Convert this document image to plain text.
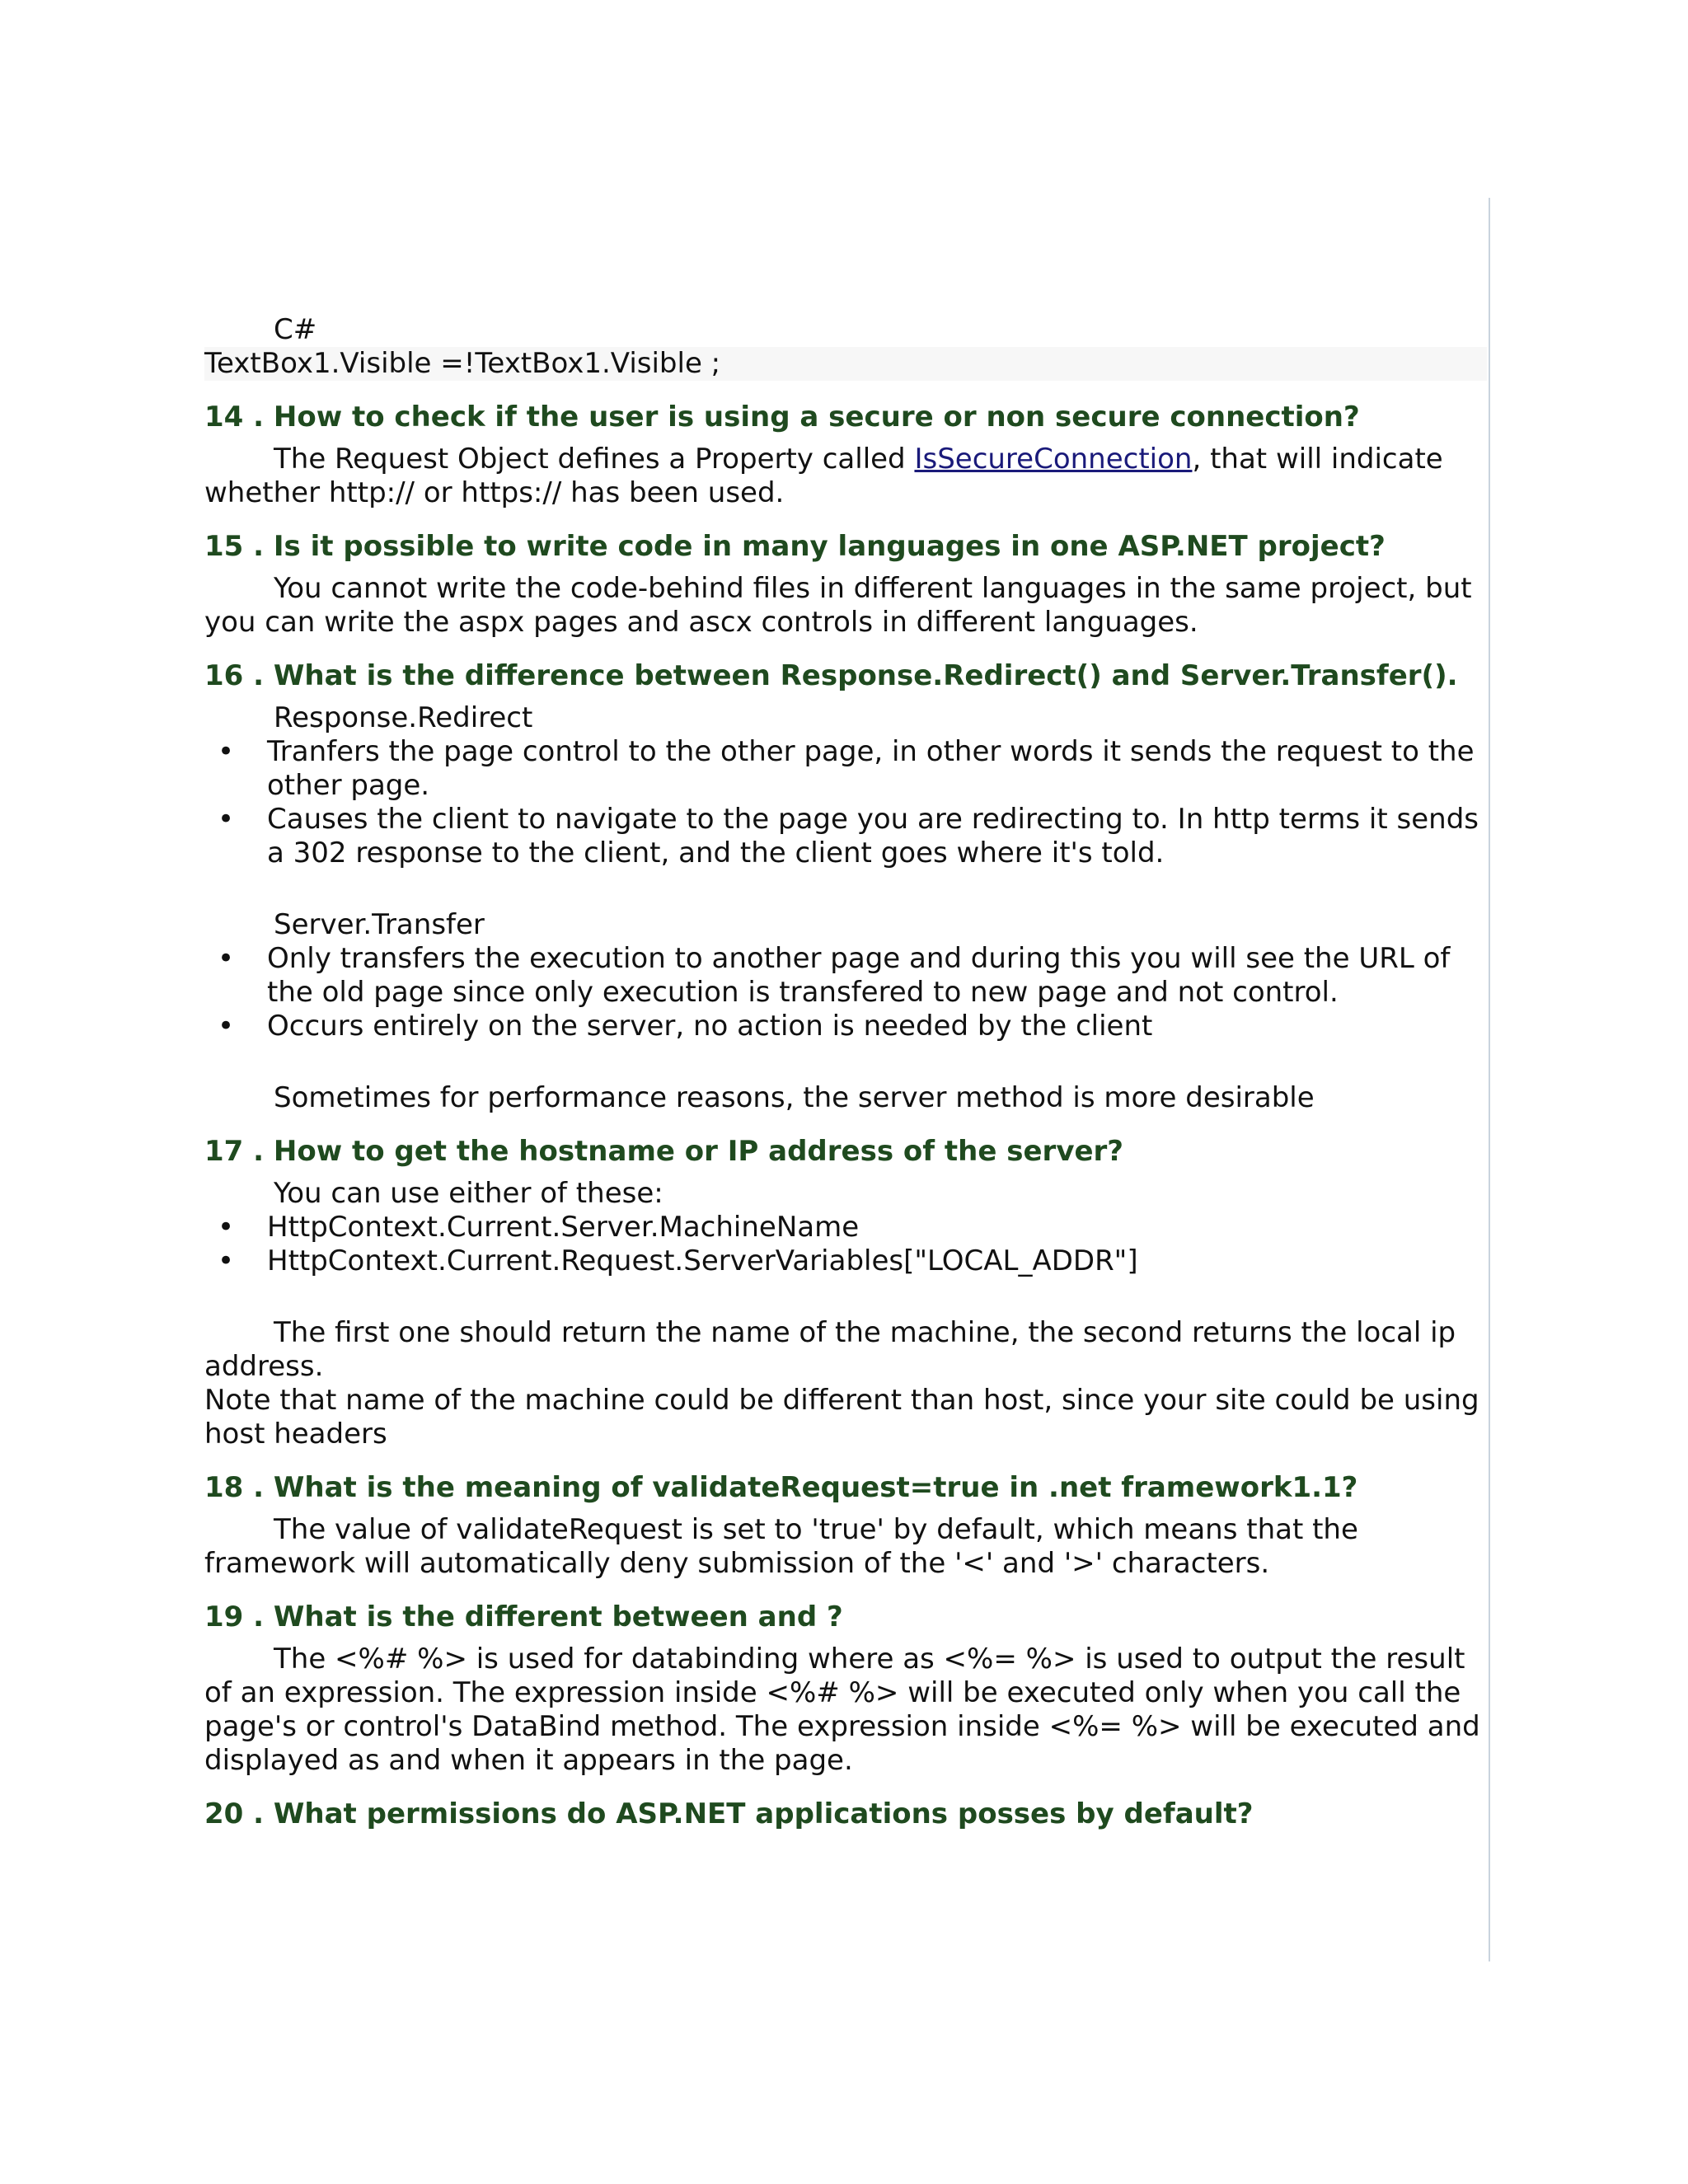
C#

TextBox1.Visible =!TextBox1.Visible ;

14 . How to check if the user is using a secure or non secure connection?

The Request Object defines a Property called IsSecureConnection, that will indicate whether http:// or https:// has been used.

15 . Is it possible to write code in many languages in one ASP.NET project?

You cannot write the code-behind files in different languages in the same project, but you can write the aspx pages and ascx controls in different languages.

16 . What is the difference between Response.Redirect() and Server.Transfer().

Response.Redirect

• Tranfers the page control to the other page, in other words it sends the request to the other page.
• Causes the client to navigate to the page you are redirecting to. In http terms it sends a 302 response to the client, and the client goes where it's told.

Server.Transfer

• Only transfers the execution to another page and during this you will see the URL of the old page since only execution is transfered to new page and not control.
• Occurs entirely on the server, no action is needed by the client

Sometimes for performance reasons, the server method is more desirable

17 . How to get the hostname or IP address of the server?

You can use either of these:

• HttpContext.Current.Server.MachineName
• HttpContext.Current.Request.ServerVariables["LOCAL_ADDR"]

The first one should return the name of the machine, the second returns the local ip address.

Note that name of the machine could be different than host, since your site could be using host headers

18 . What is the meaning of validateRequest=true in .net framework1.1?

The value of validateRequest is set to 'true' by default, which means that the framework will automatically deny submission of the '<' and '>' characters.

19 . What is the different between and ?

The <%# %> is used for databinding where as <%= %> is used to output the result of an expression. The expression inside <%# %> will be executed only when you call the page's or control's DataBind method. The expression inside <%= %> will be executed and displayed as and when it appears in the page.

20 . What permissions do ASP.NET applications posses by default?
